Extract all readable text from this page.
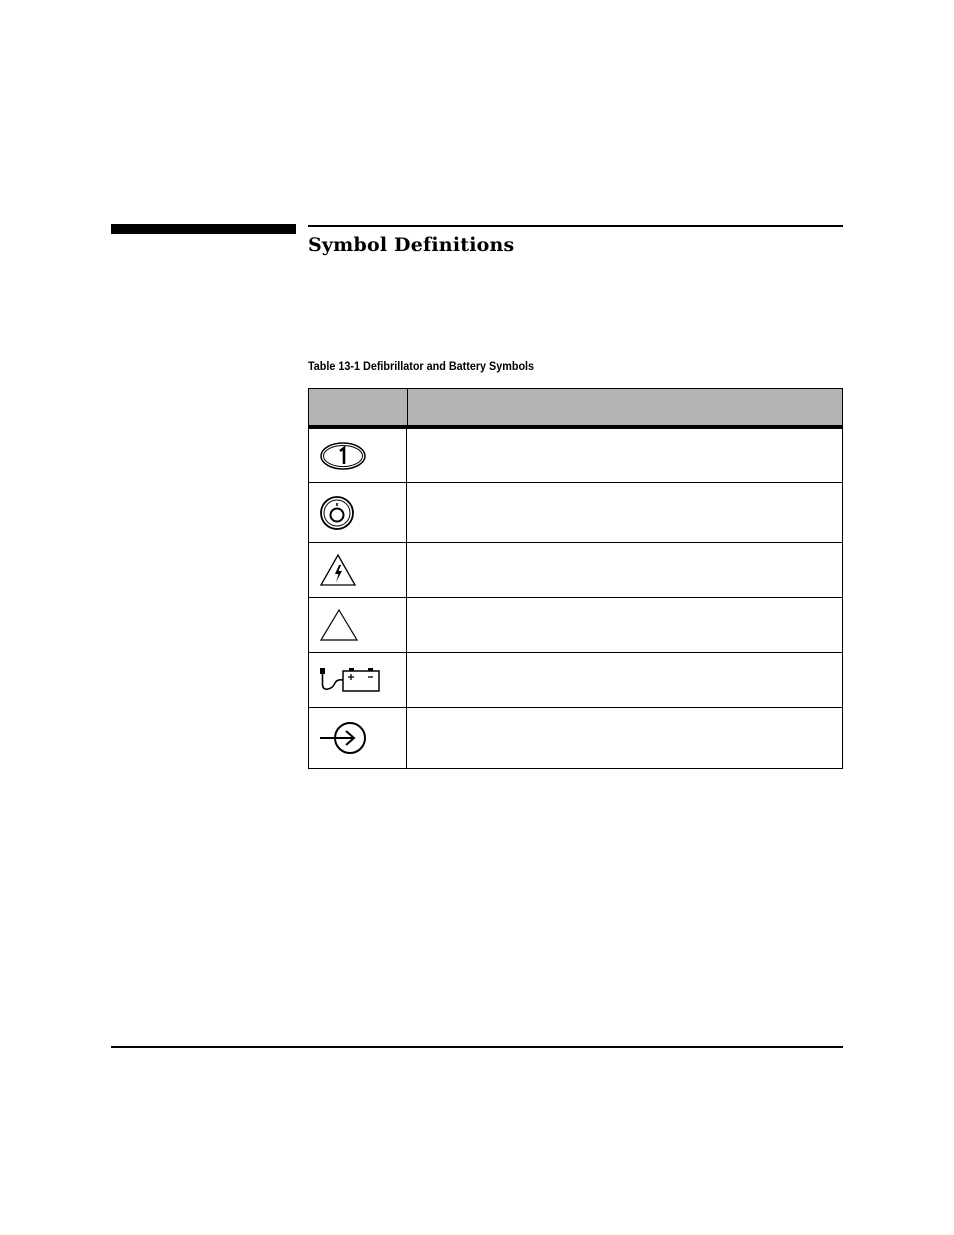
Symbol Definitions

Table 13-1 Defibrillator and Battery Symbols
